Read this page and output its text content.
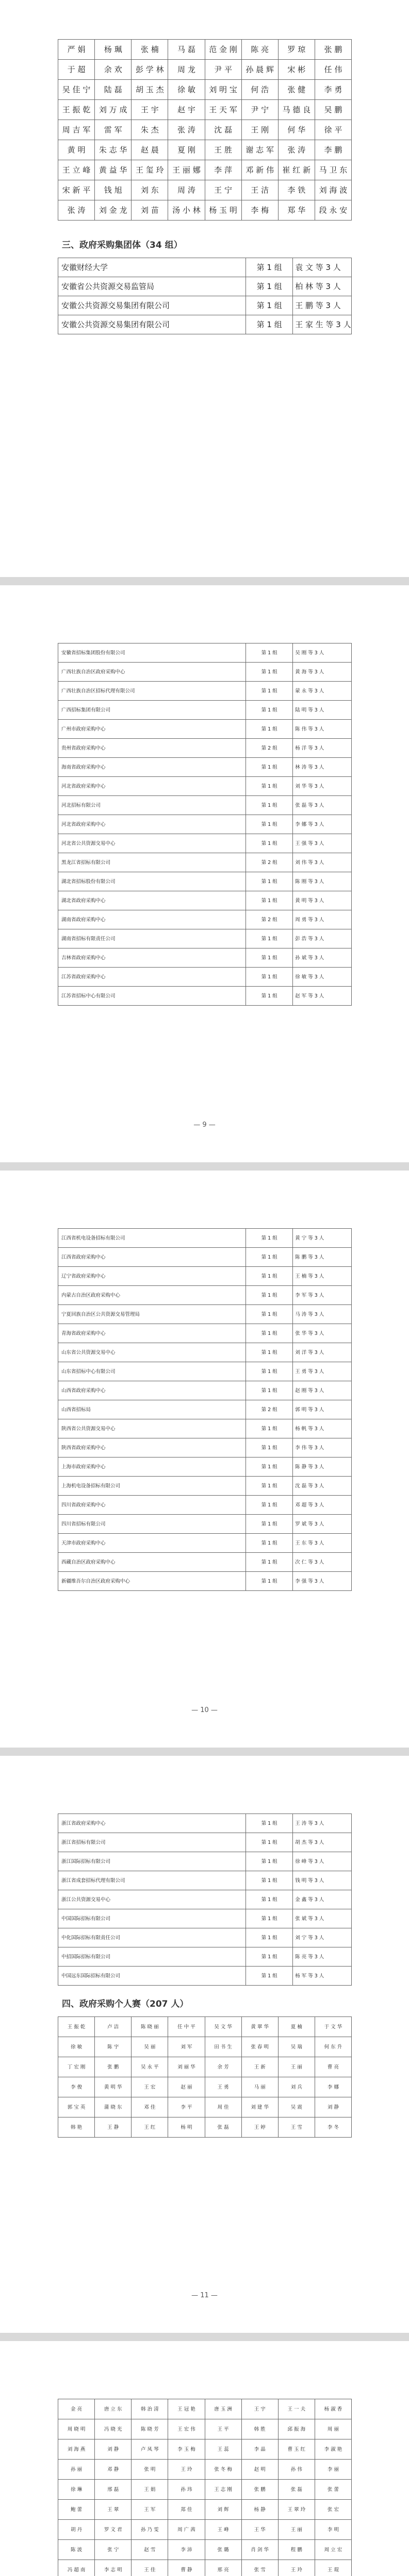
严 娟	杨 珮	张 楠	马 磊	范 金 刚	陈 亮	罗 琼	张 鹏
于 超	余 欢	彭 学 林	周 龙	尹 平	孙 晨 辉	宋 彬	任 伟
吴 佳 宁	陆 磊	胡 玉 杰	徐 敏	刘 明 宝	何 浩	张 健	李 勇
王 振 乾	刘 万 成	王 宇	赵 宇	王 天 军	尹 宁	马 德 良	吴 鹏
周 吉 军	雷 军	朱 杰	张 涛	沈 磊	王 刚	何 华	徐 平
黄 明	朱 志 华	赵 晨	夏 刚	王 胜	谢 志 军	张 涛	李 鹏
王 立 峰	黄 益 华	王 玺 玲	王 丽 娜	李 萍	邓 新 伟	崔 红 新	马 卫 东
宋 新 平	钱 旭	刘 东	周 涛	王 宁	王 洁	李 铁	刘 海 波
张 涛	刘 金 龙	刘 苗	汤 小 林	杨 玉 明	李 梅	郑 华	段 永 安
三、政府采购集团体（34 组）
安徽财经大学	第 1 组	袁 文 等 3 人
安徽省公共资源交易监管局	第 1 组	柏 林 等 3 人
安徽公共资源交易集团有限公司	第 1 组	王 鹏 等 3 人
安徽公共资源交易集团有限公司	第 1 组	王 家 生 等 3 人
安徽省招标集团股份有限公司	第 1 组	吴 刚 等 3 人
广西壮族自治区政府采购中心	第 1 组	黄 海 等 3 人
广西壮族自治区招标代理有限公司	第 1 组	蒙 永 等 3 人
广西招标集团有限公司	第 1 组	陆 明 等 3 人
广州市政府采购中心	第 1 组	陈 伟 等 3 人
贵州省政府采购中心	第 2 组	杨 洋 等 3 人
海南省政府采购中心	第 1 组	林 涛 等 3 人
河北省政府采购中心	第 1 组	刘 华 等 3 人
河北招标有限公司	第 1 组	张 磊 等 3 人
河北省政府采购中心	第 1 组	李 娜 等 3 人
河北省公共资源交易中心	第 1 组	王 强 等 3 人
黑龙江省招标有限公司	第 2 组	刘 伟 等 3 人
湖北省招标股份有限公司	第 1 组	陈 刚 等 3 人
湖北省政府采购中心	第 1 组	黄 明 等 3 人
湖南省政府采购中心	第 2 组	周 勇 等 3 人
湖南省招标有限责任公司	第 1 组	彭 浩 等 3 人
吉林省政府采购中心	第 1 组	孙 斌 等 3 人
江苏省政府采购中心	第 1 组	徐 敏 等 3 人
江苏省招标中心有限公司	第 1 组	赵 军 等 3 人
— 9 —
江西省机电设备招标有限公司	第 1 组	黄 宁 等 3 人
江西省政府采购中心	第 1 组	陈 鹏 等 3 人
辽宁省政府采购中心	第 1 组	王 楠 等 3 人
内蒙古自治区政府采购中心	第 1 组	李 军 等 3 人
宁夏回族自治区公共资源交易管理局	第 1 组	马 涛 等 3 人
青海省政府采购中心	第 1 组	张 华 等 3 人
山东省公共资源交易中心	第 1 组	刘 洋 等 3 人
山东省招标中心有限公司	第 1 组	王 勇 等 3 人
山西省政府采购中心	第 1 组	赵 刚 等 3 人
山西省招标局	第 2 组	郭 明 等 3 人
陕西省公共资源交易中心	第 1 组	杨 帆 等 3 人
陕西省政府采购中心	第 1 组	李 伟 等 3 人
上海市政府采购中心	第 1 组	陈 静 等 3 人
上海机电设备招标有限公司	第 1 组	沈 磊 等 3 人
四川省政府采购中心	第 1 组	邓 超 等 3 人
四川省招标有限公司	第 1 组	罗 斌 等 3 人
天津市政府采购中心	第 1 组	王 东 等 3 人
西藏自治区政府采购中心	第 1 组	次 仁 等 3 人
新疆维吾尔自治区政府采购中心	第 1 组	李 强 等 3 人
— 10 —
浙江省政府采购中心	第 1 组	王 涛 等 3 人
浙江省招标有限公司	第 1 组	胡 杰 等 3 人
浙江国际招标有限公司	第 1 组	徐 峰 等 3 人
浙江省成套招标代理有限公司	第 1 组	钱 明 等 3 人
浙江公共资源交易中心	第 1 组	金 鑫 等 3 人
中国国际招标有限公司	第 1 组	张 斌 等 3 人
中化国际招标有限责任公司	第 1 组	刘 宁 等 3 人
中招国际招标有限公司	第 1 组	陈 亮 等 3 人
中国远东国际招标有限公司	第 1 组	杨 军 等 3 人
四、政府采购个人赛（207 人）
王 振 乾	卢 洁	陈 晓 丽	任 中 平	吴 文 华	黄 翠 华	夏 楠	于 文 华
徐 敏	陈 宇	吴 丽	刘 军	田 书 生	张 春 明	吴 瑞	何 东 升
丁 宏 刚	张 鹏	吴 永 平	刘 丽 华	余 芳	王 新	王 丽	曹 亮
李 俊	黄 明 华	王 宏	赵 丽	王 勇	马 丽	刘 兵	李 娜
郭 宝 英	蒲 晓 东	邓 佳	李 平	周 佳	刘 建 华	吴 震	刘 静
韩 艳	王 静	王 红	杨 明	张 磊	王 婷	王 雪	李 冬
— 11 —
金 亮	唐 立 东	韩 治 清	王 冠 艳	唐 玉 洲	王 宇	王 一 夫	杨 淑 香
周 晓 明	冯 晓 光	陈 晓 芳	王 宏 伟	王 平	韩 胜	邱 振 海	周 丽
刘 海 燕	刘 静	卢 凤 琴	李 玉 梅	王 蕊	李 晶	曹 玉 红	李 淑 艳
孙 丽	邓 静	张 明	王 玲	张 冬 梅	赵 明	孙 伟	李 丽
徐 琳	邢 磊	王 娟	孙 玮	王 志 刚	张 鹏	张 磊	张 蕾
鲍 蕾	王 翠	王 军	郑 佳	刘 辉	杨 静	王 翠 玲	张 宏
胡 丹	罗 文 君	孙 乃 雯	周 广 茜	王 峰	王 华	王 丽	李 明
陈 波	张 宁	赵 雪	李 沛	张 璐	肖 剑 华	程 鹏	周 立 宏
冯 超 南	李 志 明	王 佳	曹 静	邢 亮	张 雪	王 玲	王 琨
